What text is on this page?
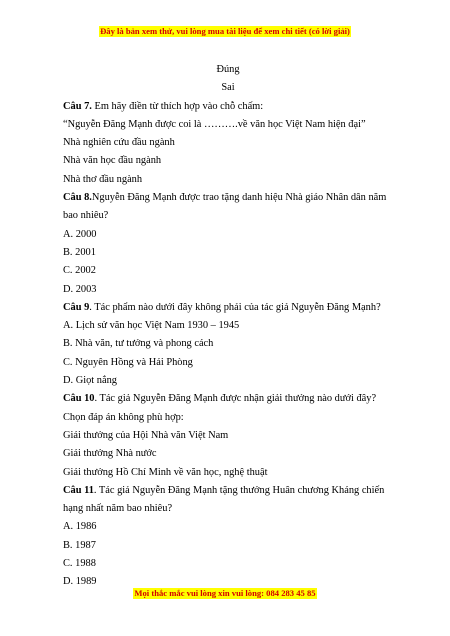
Đây là bản xem thử, vui lòng mua tài liệu để xem chi tiết (có lời giải)
Đúng
Sai
Câu 7. Em hãy điền từ thích hợp vào chỗ chấm:
“Nguyễn Đăng Mạnh được coi là ……….về văn học Việt Nam hiện đại”
Nhà nghiên cứu đầu ngành
Nhà văn học đầu ngành
Nhà thơ đầu ngành
Câu 8.Nguyễn Đăng Mạnh được trao tặng danh hiệu Nhà giáo Nhân dân năm
bao nhiêu?
A. 2000
B. 2001
C. 2002
D. 2003
Câu 9. Tác phẩm nào dưới đây không phải của tác giả Nguyễn Đăng Mạnh?
A. Lịch sử văn học Việt Nam 1930 – 1945
B. Nhà văn, tư tưởng và phong cách
C. Nguyên Hồng và Hải Phòng
D. Giọt nắng
Câu 10. Tác giả Nguyễn Đăng Mạnh được nhận giải thưởng nào dưới đây?
Chọn đáp án không phù hợp:
Giải thưởng của Hội Nhà văn Việt Nam
Giải thưởng Nhà nước
Giải thưởng Hồ Chí Minh về văn học, nghệ thuật
Câu 11. Tác giả Nguyễn Đăng Mạnh tặng thưởng Huân chương Kháng chiến
hạng nhất năm bao nhiêu?
A. 1986
B. 1987
C. 1988
D. 1989
Mọi thắc mắc vui lòng xin vui lòng: 084 283 45 85
